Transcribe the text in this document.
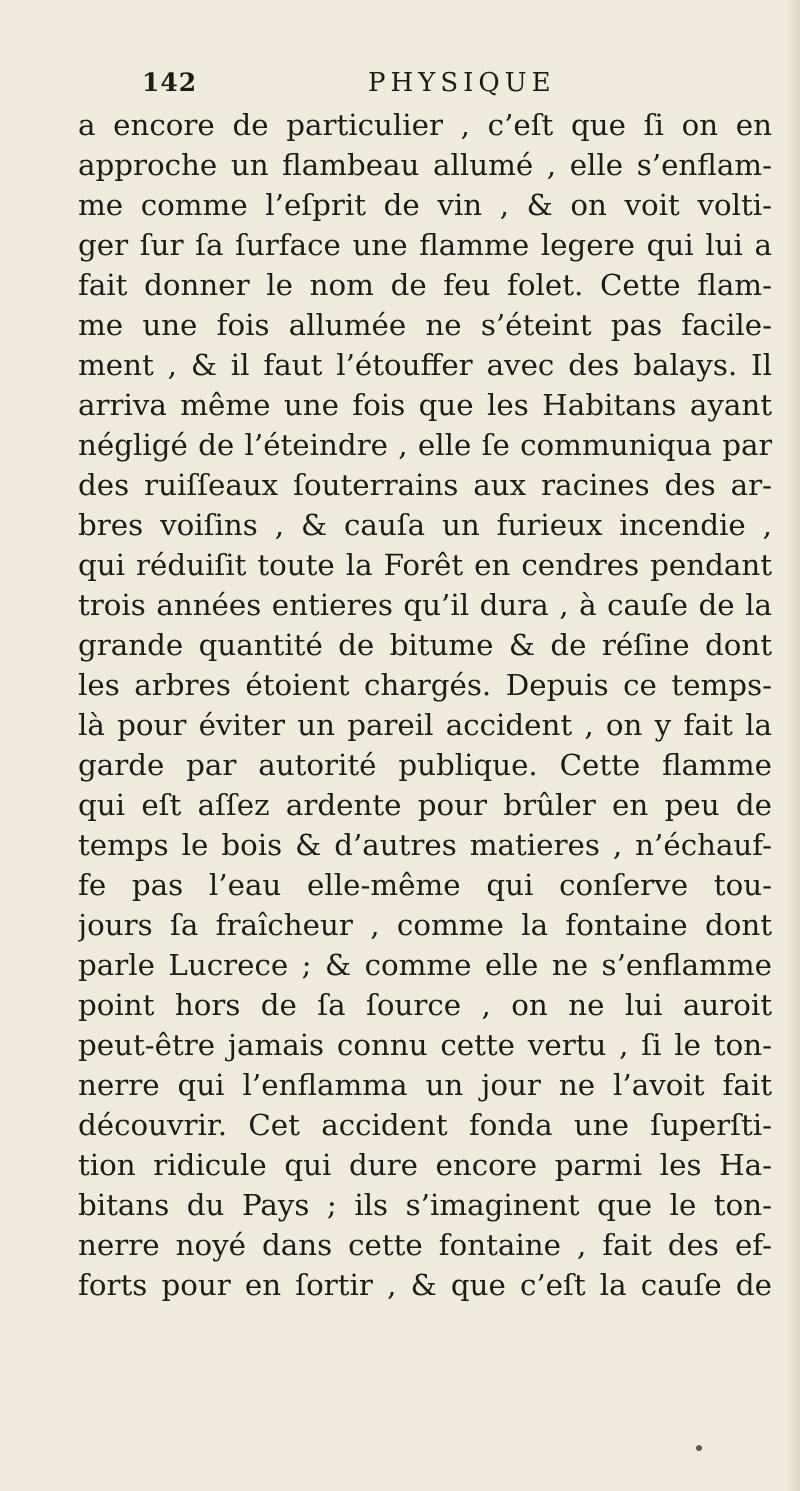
142	PHYSIQUE
a encore de particulier , c’eſt que ſi on en
approche un flambeau allumé , elle s’enflam-
me comme l’eſprit de vin , & on voit volti-
ger ſur ſa ſurface une flamme legere qui lui a
fait donner le nom de feu folet. Cette flam-
me une fois allumée ne s’éteint pas facile-
ment , & il faut l’étouffer avec des balays. Il
arriva même une fois que les Habitans ayant
négligé de l’éteindre , elle ſe communiqua par
des ruiſſeaux ſouterrains aux racines des ar-
bres voiſins , & cauſa un furieux incendie ,
qui réduiſit toute la Forêt en cendres pendant
trois années entieres qu’il dura , à cauſe de la
grande quantité de bitume & de réſine dont
les arbres étoient chargés. Depuis ce temps-
là pour éviter un pareil accident , on y fait la
garde par autorité publique. Cette flamme
qui eſt aſſez ardente pour brûler en peu de
temps le bois & d’autres matieres , n’échauf-
fe pas l’eau elle-même qui conſerve tou-
jours ſa fraîcheur , comme la fontaine dont
parle Lucrece ; & comme elle ne s’enflamme
point hors de ſa ſource , on ne lui auroit
peut-être jamais connu cette vertu , ſi le ton-
nerre qui l’enflamma un jour ne l’avoit fait
découvrir. Cet accident fonda une ſuperſti-
tion ridicule qui dure encore parmi les Ha-
bitans du Pays ; ils s’imaginent que le ton-
nerre noyé dans cette fontaine , fait des ef-
forts pour en ſortir , & que c’eſt la cauſe de
